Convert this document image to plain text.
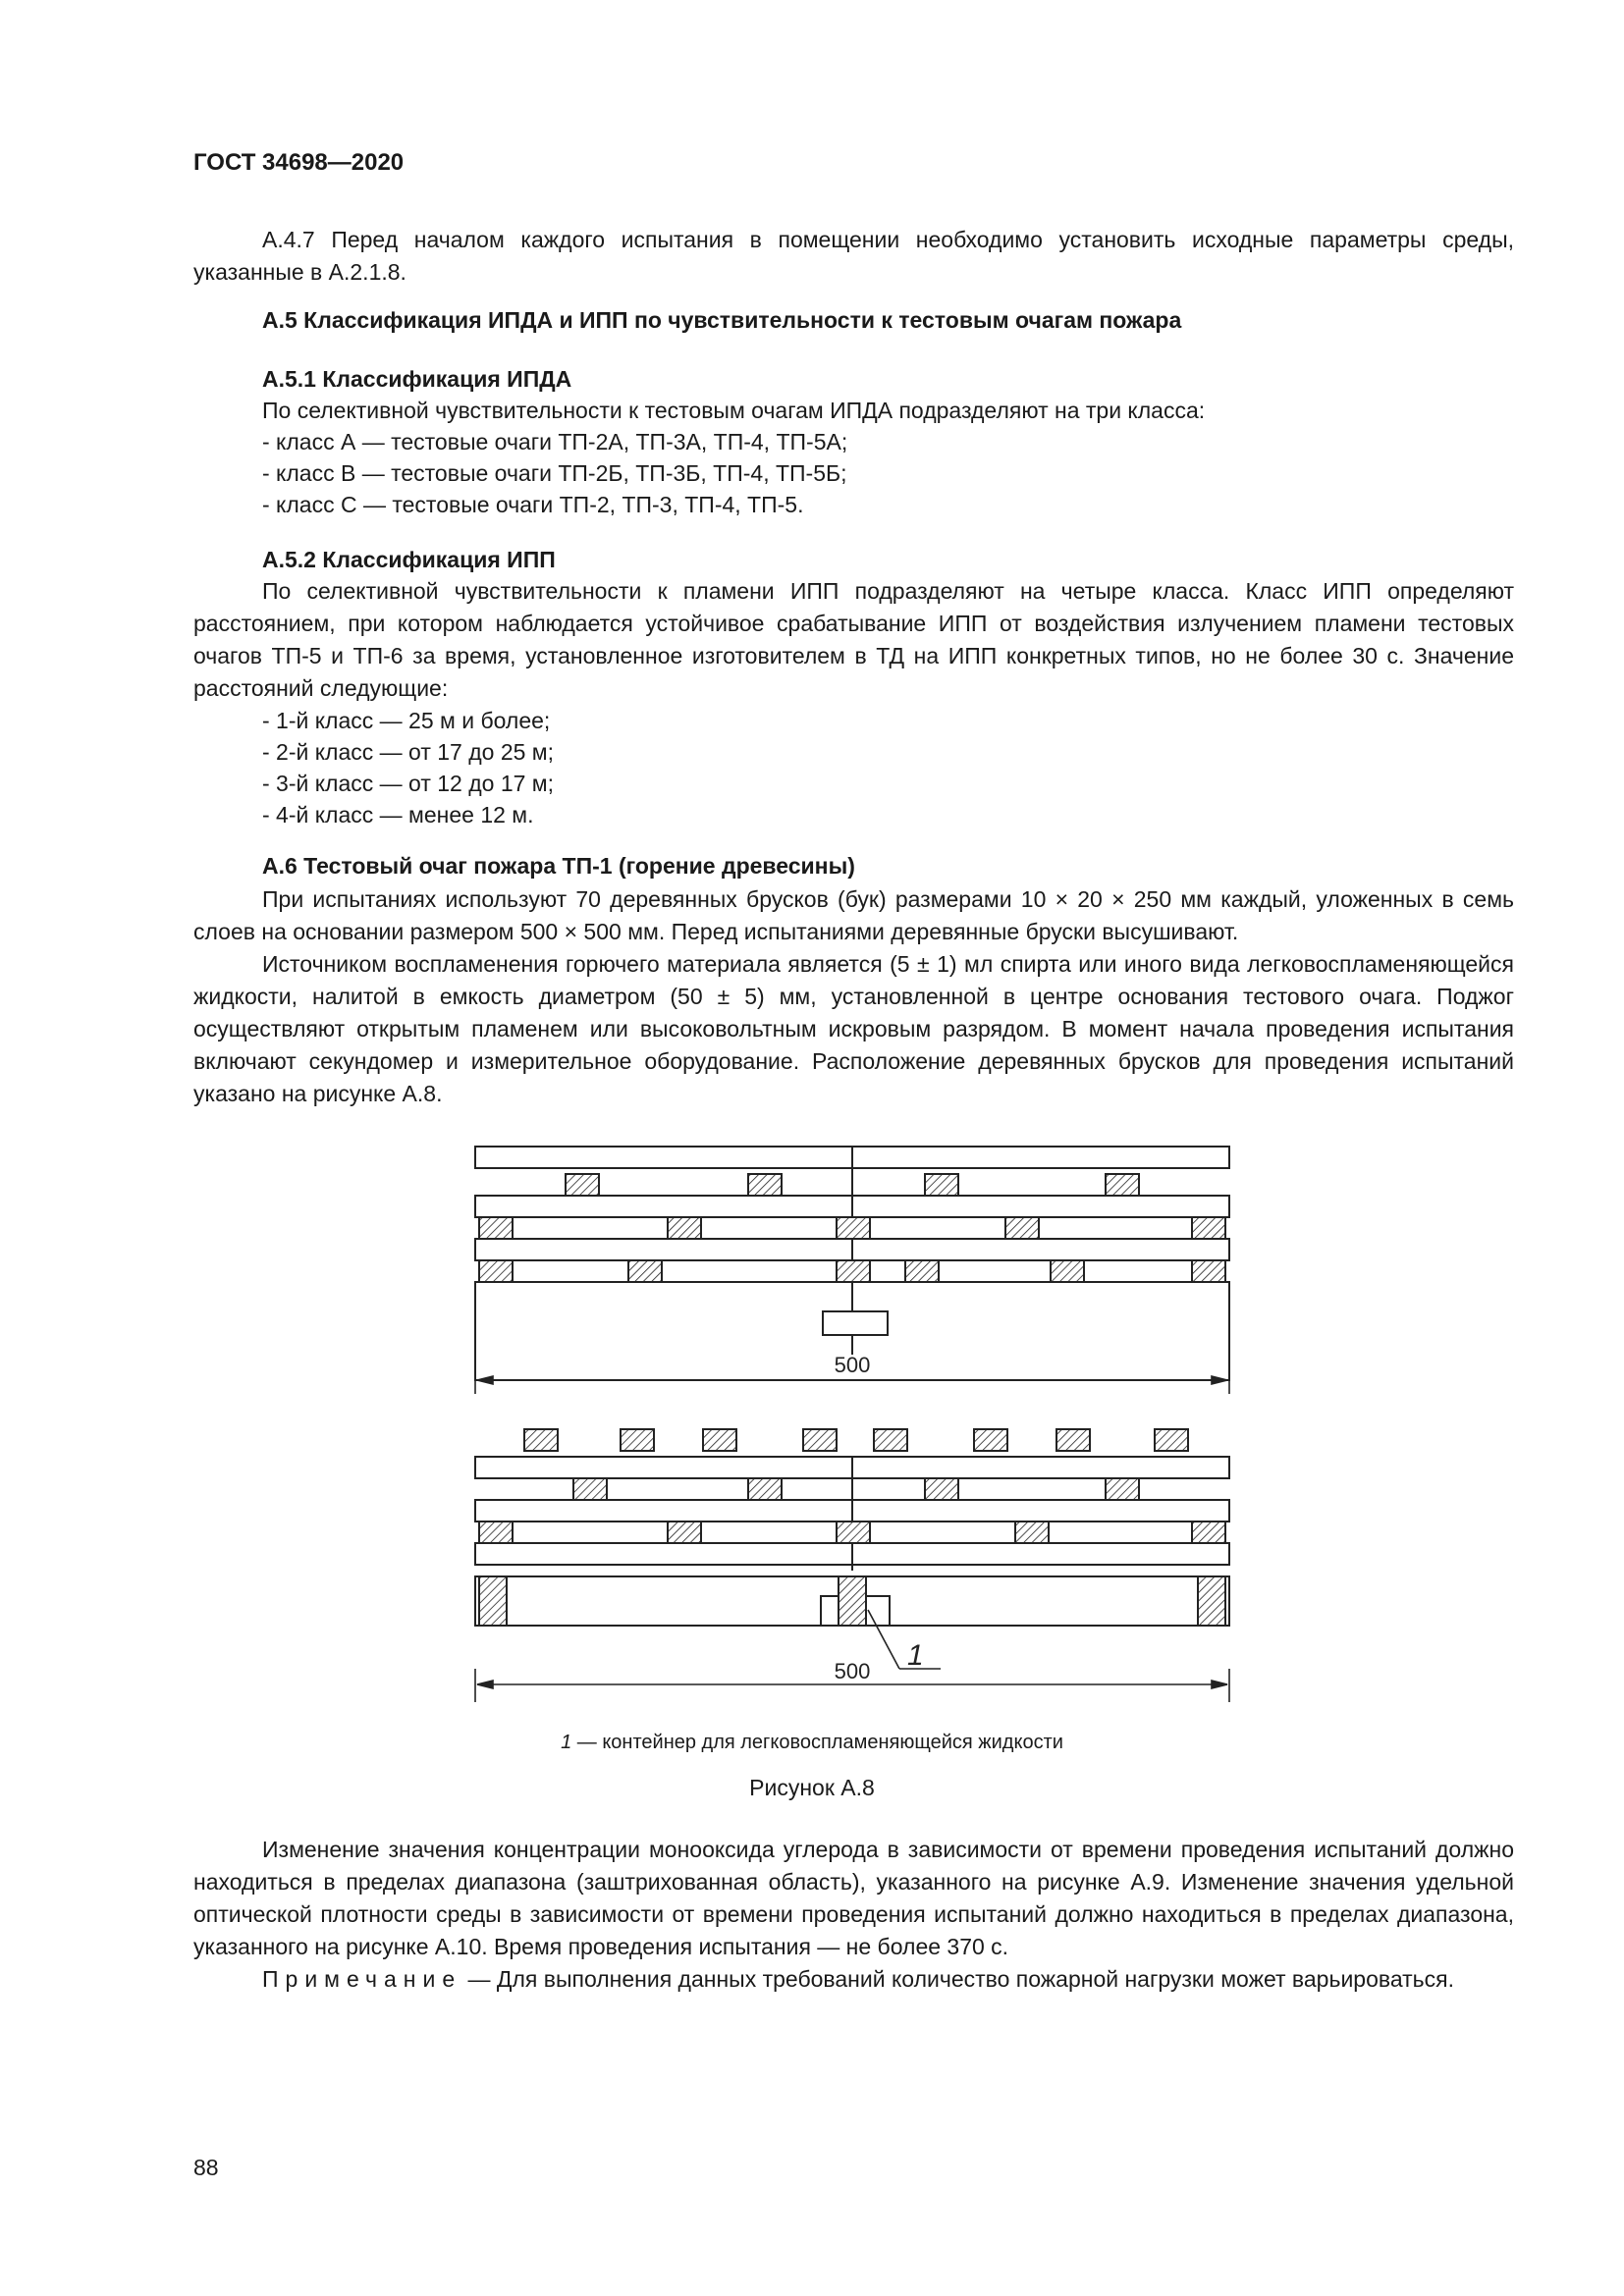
ГОСТ 34698—2020

А.4.7 Перед началом каждого испытания в помещении необходимо установить исходные параметры среды, указанные в А.2.1.8.

А.5 Классификация ИПДА и ИПП по чувствительности к тестовым очагам пожара
А.5.1 Классификация ИПДА
По селективной чувствительности к тестовым очагам ИПДА подразделяют на три класса:
- класс А — тестовые очаги ТП-2А, ТП-3А, ТП-4, ТП-5А;
- класс В — тестовые очаги ТП-2Б, ТП-3Б, ТП-4, ТП-5Б;
- класс С — тестовые очаги ТП-2, ТП-3, ТП-4, ТП-5.
А.5.2 Классификация ИПП

По селективной чувствительности к пламени ИПП подразделяют на четыре класса. Класс ИПП определяют расстоянием, при котором наблюдается устойчивое срабатывание ИПП от воздействия излучением пламени тестовых очагов ТП-5 и ТП-6 за время, установленное изготовителем в ТД на ИПП конкретных типов, но не более 30 с. Значение расстояний следующие:

- 1-й класс — 25 м и более;
- 2-й класс — от 17 до 25 м;
- 3-й класс — от 12 до 17 м;
- 4-й класс — менее 12 м.
А.6 Тестовый очаг пожара ТП-1 (горение древесины)

При испытаниях используют 70 деревянных брусков (бук) размерами 10 × 20 × 250 мм каждый, уложенных в семь слоев на основании размером 500 × 500 мм. Перед испытаниями деревянные бруски высушивают.

Источником воспламенения горючего материала является (5 ± 1) мл спирта или иного вида легковоспламеняющейся жидкости, налитой в емкость диаметром (50 ± 5) мм, установленной в центре основания тестового очага. Поджог осуществляют открытым пламенем или высоковольтным искровым разрядом. В момент начала проведения испытания включают секундомер и измерительное оборудование. Расположение деревянных брусков для проведения испытаний указано на рисунке А.8.

500
1
500
1 — контейнер для легковоспламеняющейся жидкости
Рисунок А.8

Изменение значения концентрации монооксида углерода в зависимости от времени проведения испытаний должно находиться в пределах диапазона (заштрихованная область), указанного на рисунке А.9. Изменение значения удельной оптической плотности среды в зависимости от времени проведения испытаний должно находиться в пределах диапазона, указанного на рисунке А.10. Время проведения испытания — не более 370 с.

Примечание — Для выполнения данных требований количество пожарной нагрузки может варьироваться.

88
